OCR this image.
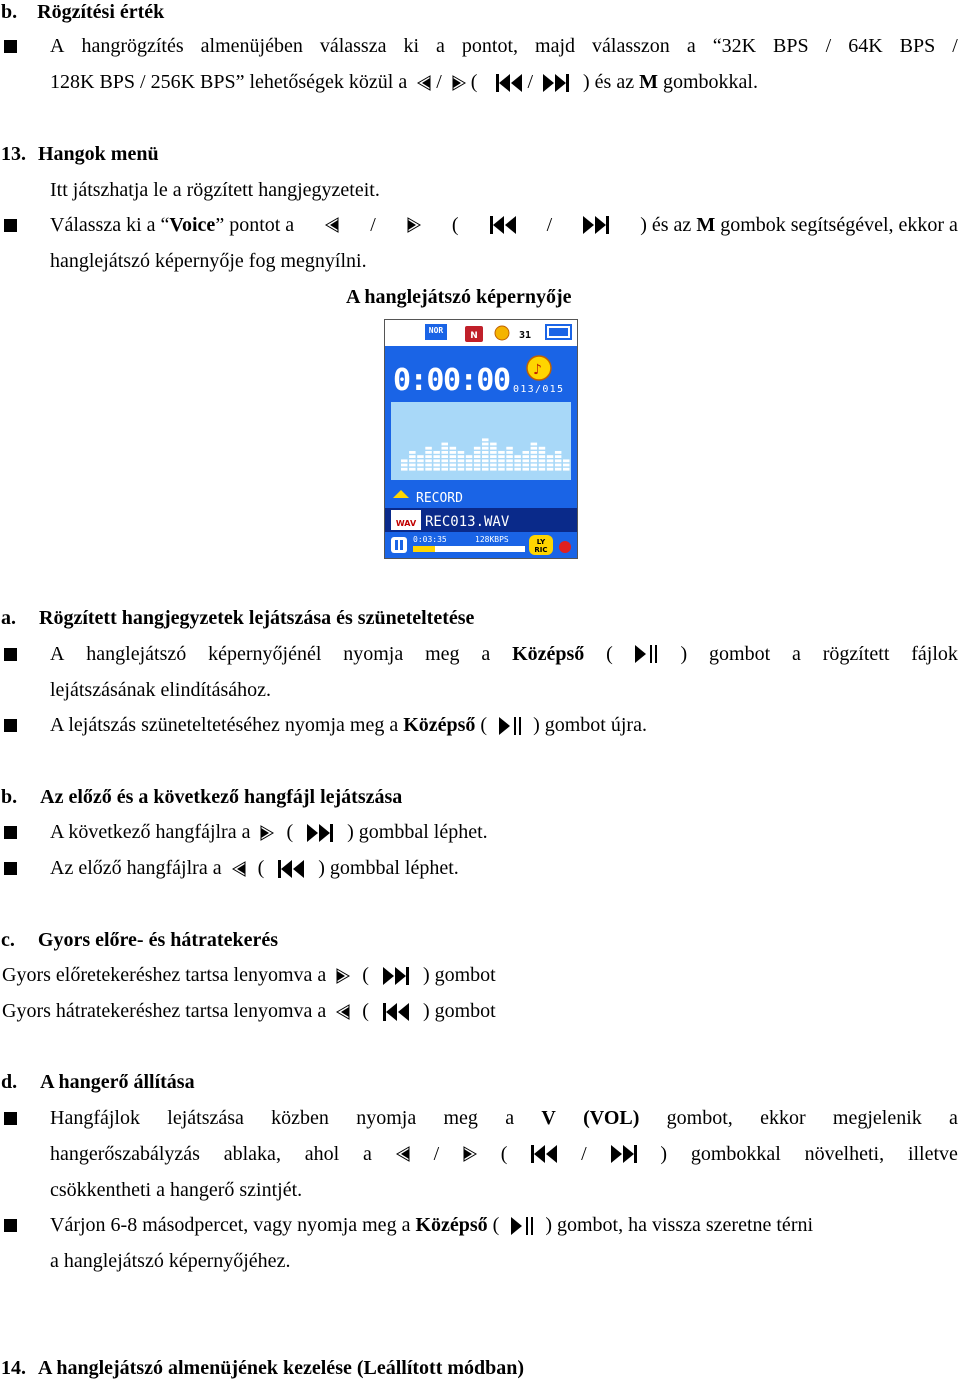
b. Rögzítési érték
A hangrögzítés almenüjében válassza ki a pontot, majd válasszon a “32K BPS / 64K BPS /
128K BPS / 256K BPS” lehetőségek közül a / (	/	) és az M gombokkal.
13. Hangok menü
Itt játszhatja le a rögzített hangjegyzeteit.
Válassza ki a “ Voice ” pontot a	/	(	/	) és az
M
gombok segítségével, ekkor a
hanglejátszó képernyője fog megnyílni.
A hanglejátszó képernyője
NOR
N	31
0:00:00 ♪
013/015
RECORD
WAV REC013.WAV
0:03:35	128KBPS	LY
RIC
a. Rögzített hangjegyzetek lejátszása és szüneteltetése
A hanglejátszó képernyőjénél nyomja meg a Középső (	) gombot a rögzített fájlok
lejátszásának elindításához.
A lejátszás szüneteltetéséhez nyomja meg a Középső ( ) gombot újra.
b. Az előző és a következő hangfájl lejátszása
A következő hangfájlra a (	) gombbal léphet.
Az előző hangfájlra a (	) gombbal léphet.
c. Gyors előre- és hátratekerés
Gyors előretekeréshez tartsa lenyomva a (	) gombot
Gyors hátratekeréshez tartsa lenyomva a (	) gombot
d. A hangerő állítása
Hangfájlok lejátszása közben nyomja meg a V (VOL) gombot, ekkor megjelenik a
hangerőszabályzás ablaka, ahol a	/	(	/	) gombokkal növelheti, illetve
csökkentheti a hangerő szintjét.
Várjon 6-8 másodpercet, vagy nyomja meg a Középső ( ) gombot, ha vissza szeretne térni
a hanglejátszó képernyőjéhez.
14. A hanglejátszó almenüjének kezelése (Leállított módban)
